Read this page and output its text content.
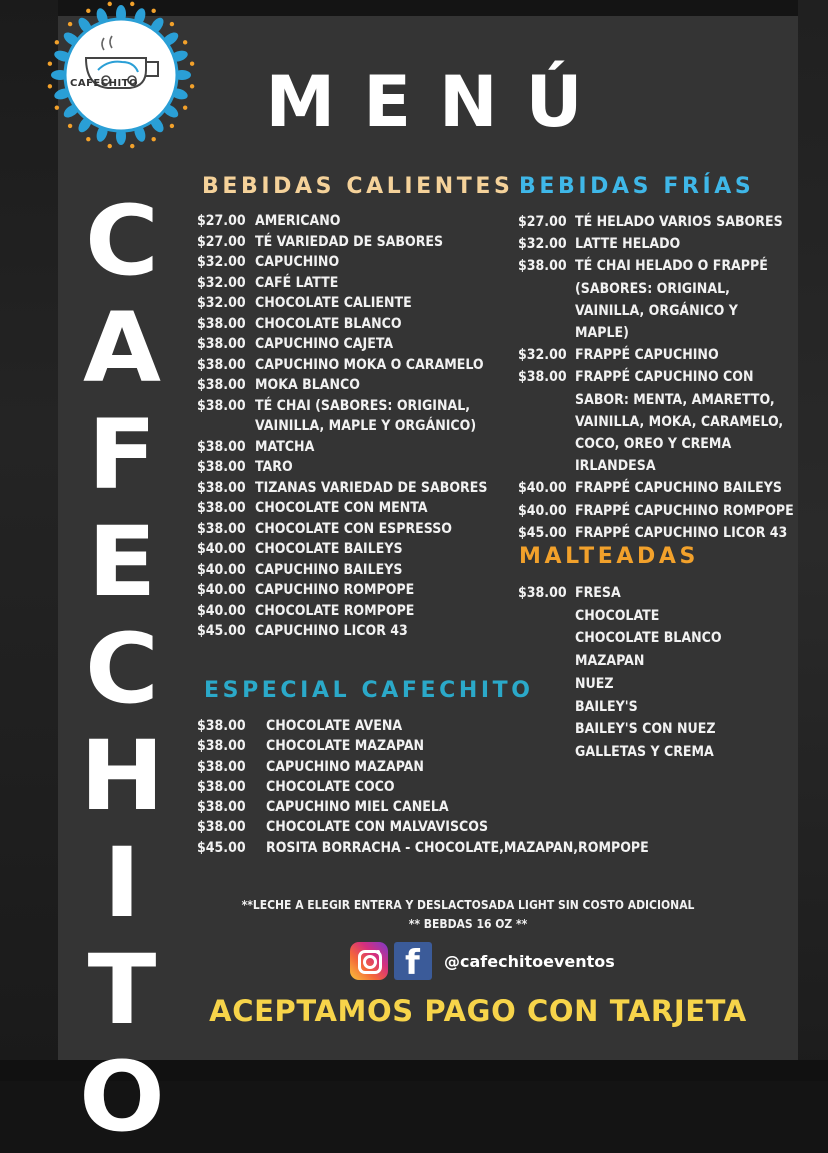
CAFECHITO
C
A
F
E
C
H
I
T
O
MENÚ
BEBIDAS CALIENTES
$27.00 AMERICANO
$27.00 TÉ VARIEDAD DE SABORES
$32.00 CAPUCHINO
$32.00 CAFÉ LATTE
$32.00 CHOCOLATE CALIENTE
$38.00 CHOCOLATE BLANCO
$38.00 CAPUCHINO CAJETA
$38.00 CAPUCHINO MOKA O CARAMELO
$38.00 MOKA BLANCO
$38.00 TÉ CHAI (SABORES: ORIGINAL, VAINILLA, MAPLE Y ORGÁNICO)
$38.00 MATCHA
$38.00 TARO
$38.00 TIZANAS VARIEDAD DE SABORES
$38.00 CHOCOLATE CON MENTA
$38.00 CHOCOLATE CON ESPRESSO
$40.00 CHOCOLATE BAILEYS
$40.00 CAPUCHINO BAILEYS
$40.00 CAPUCHINO ROMPOPE
$40.00 CHOCOLATE ROMPOPE
$45.00 CAPUCHINO LICOR 43
BEBIDAS FRÍAS
$27.00 TÉ HELADO VARIOS SABORES
$32.00 LATTE HELADO
$38.00 TÉ CHAI HELADO O FRAPPÉ (SABORES: ORIGINAL, VAINILLA, ORGÁNICO Y MAPLE)
$32.00 FRAPPÉ CAPUCHINO
$38.00 FRAPPÉ CAPUCHINO CON SABOR: MENTA, AMARETTO, VAINILLA, MOKA, CARAMELO, COCO, OREO Y CREMA IRLANDESA
$40.00 FRAPPÉ CAPUCHINO BAILEYS
$40.00 FRAPPÉ CAPUCHINO ROMPOPE
$45.00 FRAPPÉ CAPUCHINO LICOR 43
MALTEADAS
$38.00 FRESA
CHOCOLATE
CHOCOLATE BLANCO
MAZAPAN
NUEZ
BAILEY'S
BAILEY'S CON NUEZ
GALLETAS Y CREMA
ESPECIAL CAFECHITO
$38.00	CHOCOLATE AVENA
$38.00	CHOCOLATE MAZAPAN
$38.00	CAPUCHINO MAZAPAN
$38.00	CHOCOLATE COCO
$38.00	CAPUCHINO MIEL CANELA
$38.00	CHOCOLATE CON MALVAVISCOS
$45.00	ROSITA BORRACHA - CHOCOLATE,MAZAPAN,ROMPOPE
**LECHE A ELEGIR ENTERA Y DESLACTOSADA LIGHT SIN COSTO ADICIONAL
** BEBDAS 16 OZ **
f @cafechitoeventos
ACEPTAMOS PAGO CON TARJETA
